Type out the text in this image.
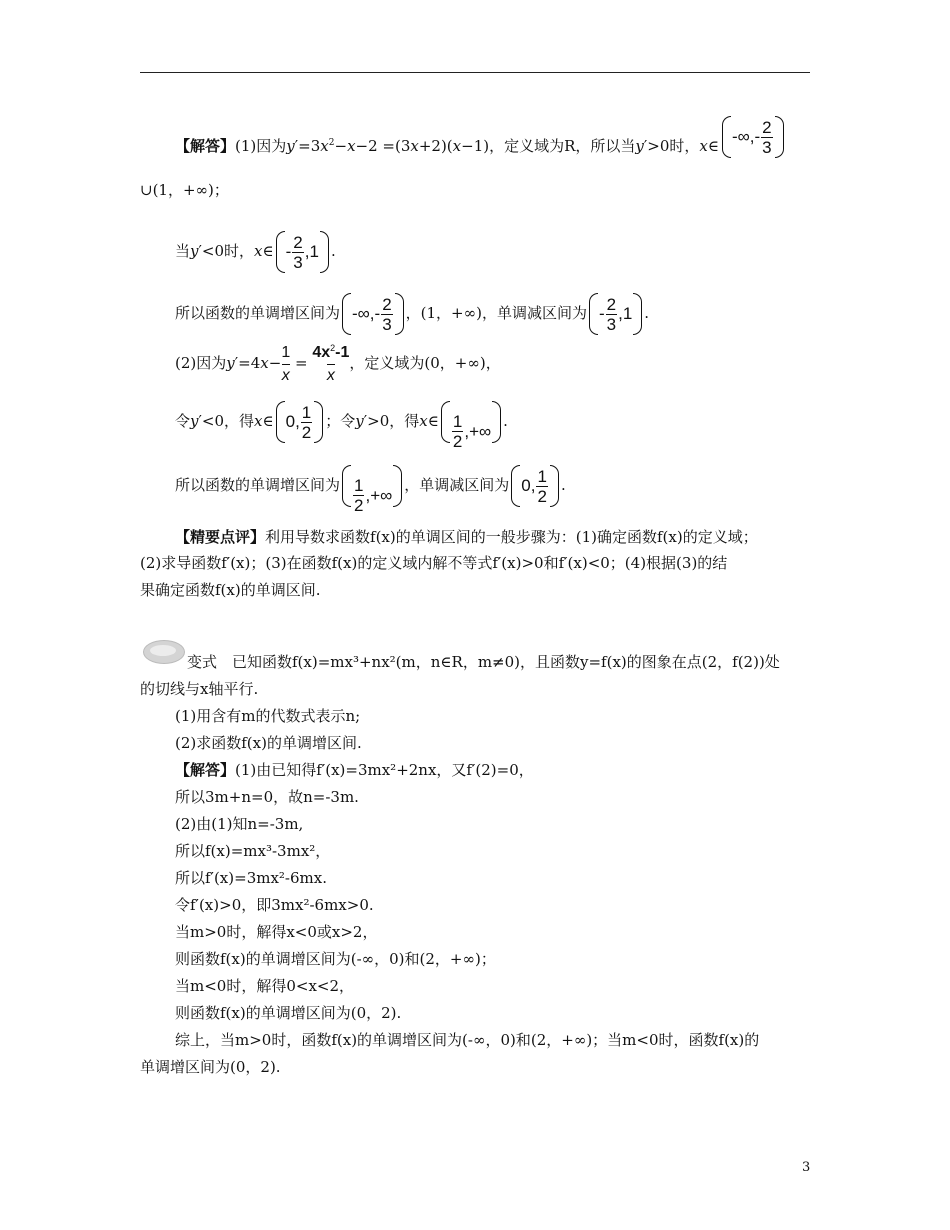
【解答】(1)因为$y'=3x^2-x-2 =(3x+2)(x-1)$，定义域为R，所以当y′>0时，x∈ -∞,- $\frac{2}{3}$
∪(1，+∞)；
当y′<0时，x∈ - $\frac{2}{3} ,1$ .
所以函数的单调增区间为 -∞,- $\frac{2}{3}$ ，(1，+∞)，单调减区间为 - $\frac{2}{3} ,1$ .
(2)因为$y'=4x- \frac{1}{x} = \frac{4x^2-1}{x}$ ，定义域为(0，+∞)，
令y′<0，得x∈ 0, $\frac{1}{2}$ ；令y′>0，得x∈ $\frac{1}{2}$ ,+∞
.
所以函数的单调增区间为 $\frac{1}{2}$ ,+∞
，单调减区间为 0, $\frac{1}{2}$ .
【精要点评】利用导数求函数f(x)的单调区间的一般步骤为：(1)确定函数f(x)的定义域；
(2)求导函数f′(x)；(3)在函数f(x)的定义域内解不等式f′(x)>0和f′(x)<0；(4)根据(3)的结
果确定函数f(x)的单调区间.
变式　已知函数f(x)=mx³+nx²(m，n∈R，m≠0)，且函数y=f(x)的图象在点(2，f(2))处
的切线与x轴平行.
(1)用含有m的代数式表示n;
(2)求函数f(x)的单调增区间.
【解答】(1)由已知得f′(x)=3mx²+2nx，又f′(2)=0，
所以3m+n=0，故n=-3m.
(2)由(1)知n=-3m,
所以f(x)=mx³-3mx²，
所以f′(x)=3mx²-6mx.
令f′(x)>0，即3mx²-6mx>0.
当m>0时，解得x<0或x>2，
则函数f(x)的单调增区间为(-∞，0)和(2，+∞)；
当m<0时，解得0<x<2，
则函数f(x)的单调增区间为(0，2).
综上，当m>0时，函数f(x)的单调增区间为(-∞，0)和(2，+∞)；当m<0时，函数f(x)的
单调增区间为(0，2).
3
